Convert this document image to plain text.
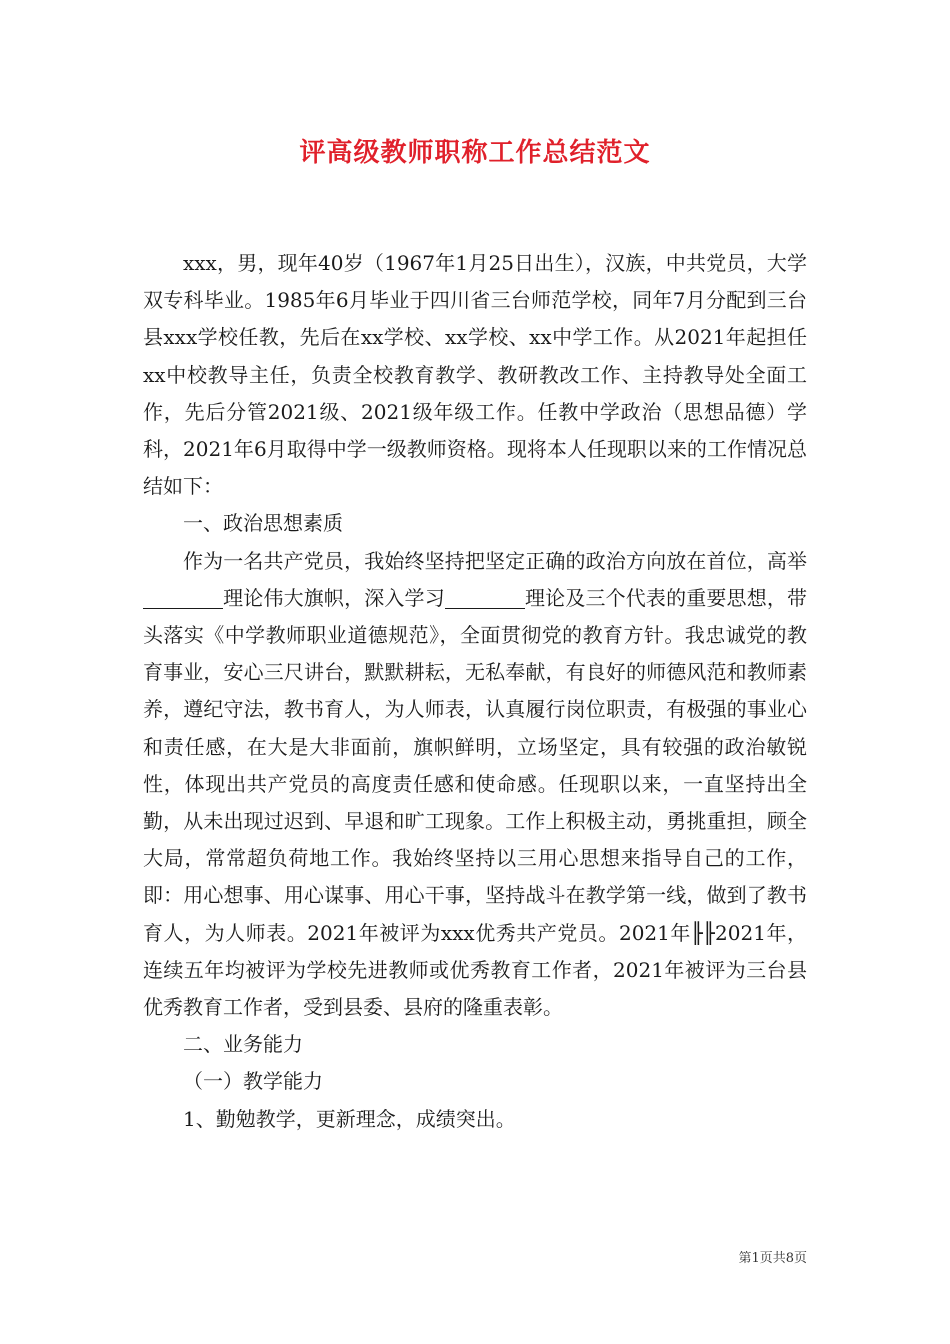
评高级教师职称工作总结范文

xxx，男，现年40岁（1967年1月25日出生），汉族，中共党员，大学双专科毕业。1985年6月毕业于四川省三台师范学校，同年7月分配到三台县xxx学校任教，先后在xx学校、xx学校、xx中学工作。从2021年起担任xx中校教导主任，负责全校教育教学、教研教改工作、主持教导处全面工作，先后分管2021级、2021级年级工作。任教中学政治（思想品德）学科，2021年6月取得中学一级教师资格。现将本人任现职以来的工作情况总结如下：

一、政治思想素质

作为一名共产党员，我始终坚持把坚定正确的政治方向放在首位，高举理论伟大旗帜，深入学习	理论及三个代表的重要思想，带头落实《中学教师职业道德规范》，全面贯彻党的教育方针。我忠诚党的教育事业，安心三尺讲台，默默耕耘，无私奉献，有良好的师德风范和教师素养，遵纪守法，教书育人，为人师表，认真履行岗位职责，有极强的事业心和责任感，在大是大非面前，旗帜鲜明，立场坚定，具有较强的政治敏锐性，体现出共产党员的高度责任感和使命感。任现职以来，一直坚持出全勤，从未出现过迟到、早退和旷工现象。工作上积极主动，勇挑重担，顾全大局，常常超负荷地工作。我始终坚持以三用心思想来指导自己的工作，即：用心想事、用心谋事、用心干事，坚持战斗在教学第一线，做到了教书育人，为人师表。2021年被评为xxx优秀共产党员。2021年╟╟2021年，连续五年均被评为学校先进教师或优秀教育工作者，2021年被评为三台县优秀教育工作者，受到县委、县府的隆重表彰。

二、业务能力

（一）教学能力

1、勤勉教学，更新理念，成绩突出。

第1页共8页
